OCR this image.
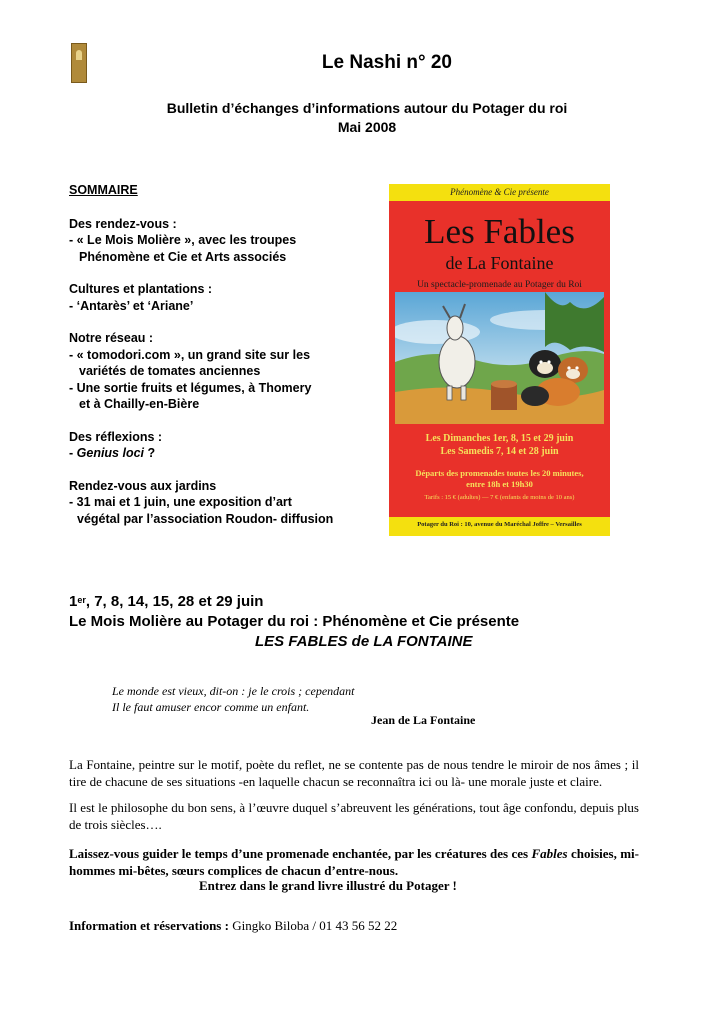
Le Nashi n° 20
Bulletin d’échanges d’informations autour du Potager du roi
Mai 2008
SOMMAIRE
Des rendez-vous :
- « Le Mois Molière », avec les troupes
Phénomène et Cie et Arts associés
Cultures et plantations :
- ‘Antarès’ et ‘Ariane’
Notre réseau :
- « tomodori.com », un grand site sur les
variétés de tomates anciennes
- Une sortie fruits et légumes, à Thomery
et à Chailly-en-Bière
Des réflexions :
- Genius loci ?
Rendez-vous aux jardins
- 31 mai et 1 juin, une exposition d’art
végétal par l’association Roudon- diffusion
Phénomène & Cie présente
Les Fables
de La Fontaine
Un spectacle-promenade au Potager du Roi
Les Dimanches 1er, 8, 15 et 29 juin
Les Samedis 7, 14 et 28 juin
Départs des promenades toutes les 20 minutes,
entre 18h et 19h30
Tarifs : 15 € (adultes) — 7 € (enfants de moins de 10 ans)
Potager du Roi : 10, avenue du Maréchal Joffre – Versailles
1er, 7, 8, 14, 15, 28 et 29 juin
Le Mois Molière au Potager du roi : Phénomène et Cie présente
LES FABLES de LA FONTAINE
Le monde est vieux, dit-on : je le crois ; cependant
Il le faut amuser encor comme un enfant.
Jean de La Fontaine
La Fontaine, peintre sur le motif, poète du reflet, ne se contente pas de nous tendre le miroir de nos âmes ; il tire de chacune de ses situations -en laquelle chacun se reconnaîtra ici ou là- une morale juste et claire.
Il est le philosophe du bon sens, à l’œuvre duquel s’abreuvent les générations, tout âge confondu, depuis plus de trois siècles….
Laissez-vous guider le temps d’une promenade enchantée, par les créatures des ces Fables choisies, mi-hommes mi-bêtes, sœurs complices de chacun d’entre-nous.
Entrez dans le grand livre illustré du Potager !
Information et réservations : Gingko Biloba / 01 43 56 52 22
